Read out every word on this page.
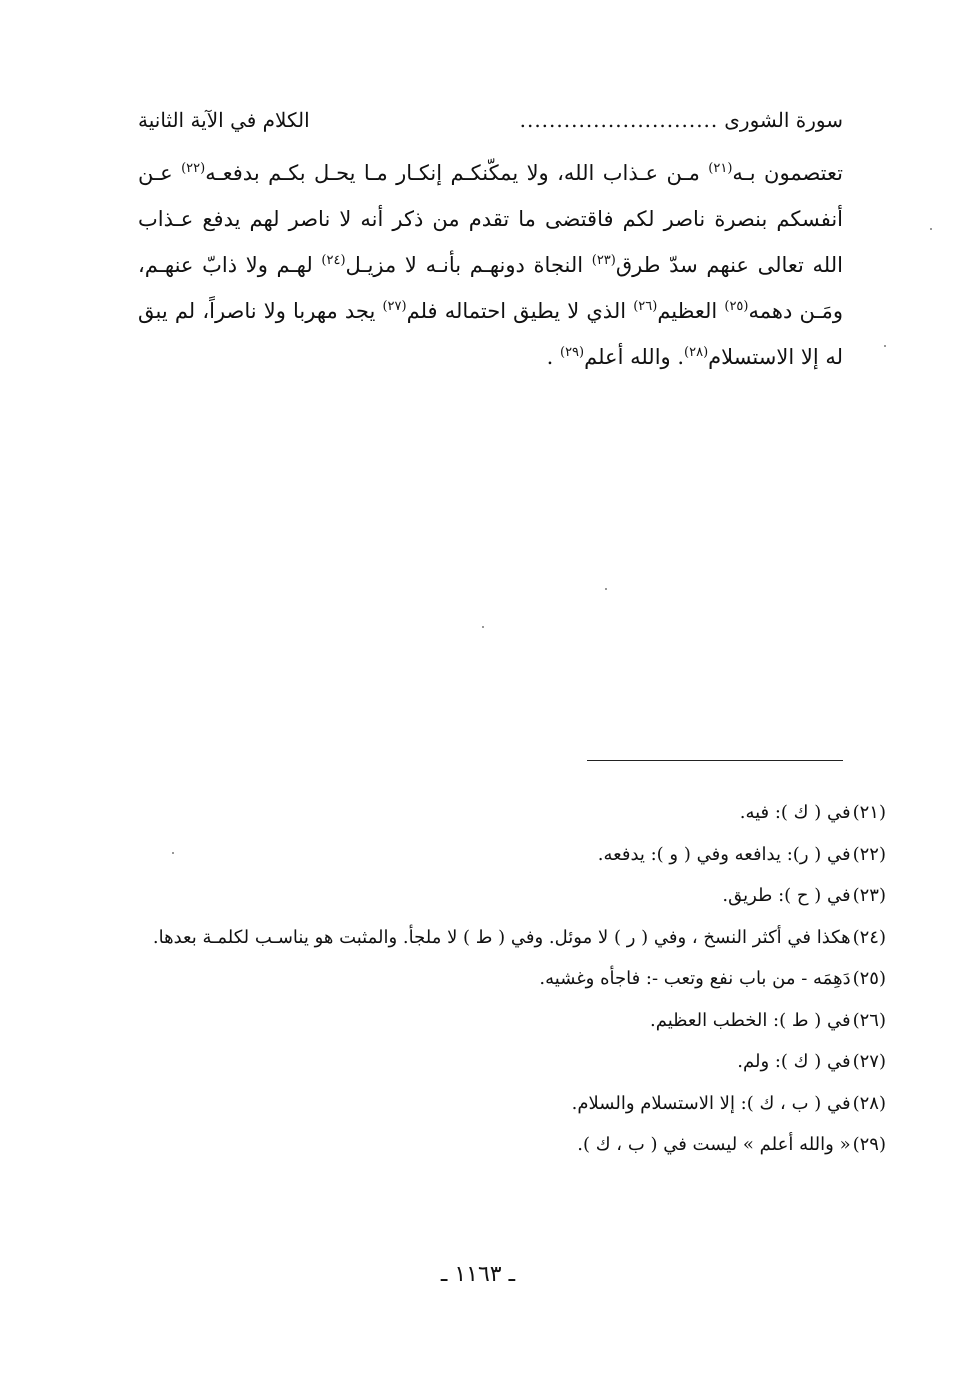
سورة الشورى
...........................
الكلام في الآية الثانية

تعتصمون بـه$^{(٢١)}$ مـن عـذاب الله، ولا يمكّنكـم إنكـار مـا يحـل بكـم بدفعـه$^{(٢٢)}$ عـن أنفسكم بنصرة ناصر لكم فاقتضى ما تقدم من ذكر أنه لا ناصر لهم يدفع عـذاب الله تعالى عنهم سدّ طرق$^{(٢٣)}$ النجاة دونهـم بأنـه لا مزيـل$^{(٢٤)}$ لهـم ولا ذابّ عنهـم، ومَـن دهمه$^{(٢٥)}$ العظيم$^{(٢٦)}$ الذي لا يطيق احتماله فلم$^{(٢٧)}$ يجد مهربا ولا ناصراً، لم يبق له إلا الاستسلام$^{(٢٨)}$. والله أعلم$^{(٢٩)}$ .

(٢١)في ( ك ): فيه.

(٢٢)في ( ر): يدافعه وفي ( و ): يدفعه.

(٢٣)في ( ح ): طريق.

(٢٤)هكذا في أكثر النسخ ، وفي ( ر ) لا موئل. وفي ( ط ) لا ملجأ. والمثبت هو يناسـب لكلمـة بعدها.

(٢٥)دَهِمَه - من باب نفع وتعب -: فاجأه وغشيه.

(٢٦)في ( ط ): الخطب العظيم.

(٢٧)في ( ك ): ولم.

(٢٨)في ( ب ، ك ): إلا الاستسلام والسلام.

(٢٩)« والله أعلم » ليست في ( ب ، ك ).

ـ ١١٦٣ ـ
